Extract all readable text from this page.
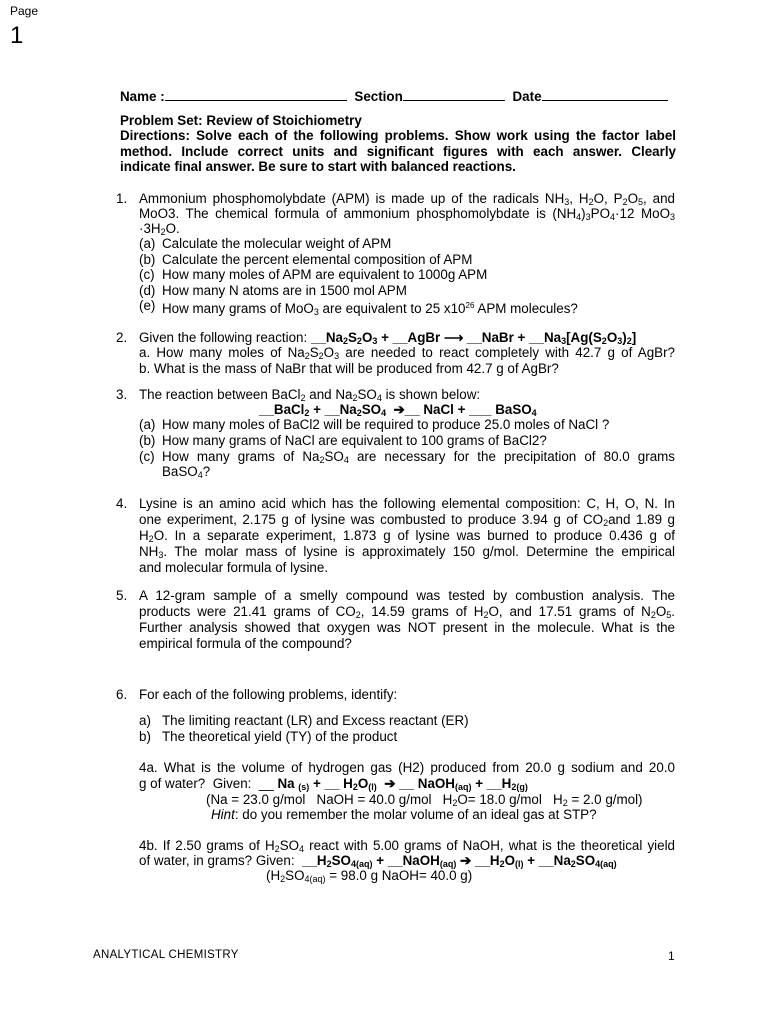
Page
1
Name :	Section	Date
Problem Set: Review of Stoichiometry
Directions: Solve each of the following problems. Show work using the factor label
method. Include correct units and significant figures with each answer. Clearly
indicate final answer. Be sure to start with balanced reactions.
1. Ammonium phosphomolybdate (APM) is made up of the radicals $NH_3$, $H_2O$, $P_2O_5$, and
MoO3. The chemical formula of ammonium phosphomolybdate is $(NH_4)_3PO_4\cdot 12$ MoO$_3$
$\cdot 3H_2O$.
(a) Calculate the molecular weight of APM
(b) Calculate the percent elemental composition of APM
(c) How many moles of APM are equivalent to 1000g APM
(d) How many N atoms are in 1500 mol APM
(e) How many grams of MoO$_3$ are equivalent to 25 $x10^{26}$ APM molecules?
2. Given the following reaction: $\_\_Na_2S_2O_3$ + __AgBr ⟶ __NaBr + $\_\_Na_3[Ag(S_2O_3)_2]$
a. How many moles of $Na_2S_2O_3$ are needed to react completely with 42.7 g of AgBr?
b. What is the mass of NaBr that will be produced from 42.7 g of AgBr?
3. The reaction between BaCl$_2$ and $Na_2SO_4$ is shown below:
__BaCl$_2$ + $\_\_Na_2SO_4$  ➔__ NaCl + ___ BaSO$_4$
(a) How many moles of BaCl2 will be required to produce 25.0 moles of NaCl ?
(b) How many grams of NaCl are equivalent to 100 grams of BaCl2?
(c) How many grams of $Na_2SO_4$ are necessary for the precipitation of 80.0 grams
BaSO$_4$?
4. Lysine is an amino acid which has the following elemental composition: C, H, O, N. In
one experiment, 2.175 g of lysine was combusted to produce 3.94 g of $CO_2and$ 1.89 g
$H_2O$. In a separate experiment, 1.873 g of lysine was burned to produce 0.436 g of
$NH_3$. The molar mass of lysine is approximately 150 g/mol. Determine the empirical
and molecular formula of lysine.
5. A 12-gram sample of a smelly compound was tested by combustion analysis. The
products were 21.41 grams of $CO_2$, 14.59 grams of $H_2O$, and 17.51 grams of $N_2O_5$.
Further analysis showed that oxygen was NOT present in the molecule. What is the
empirical formula of the compound?
6. For each of the following problems, identify:
a) The limiting reactant (LR) and Excess reactant (ER)
b) The theoretical yield (TY) of the product
4a. What is the volume of hydrogen gas (H2) produced from 20.0 g sodium and 20.0
g of water?  Given:  __ Na $_{(s)}$ + __ $H_2O_{(l)}$  ➔ __ NaOH$_{(aq)}$ + $\_\_H_{2(g)}$
(Na = 23.0 g/mol   NaOH = 40.0 g/mol   $H_2O= 18.0$ g/mol   $H_2 = 2.0$ g/mol)
Hint: do you remember the molar volume of an ideal gas at STP?
4b. If 2.50 grams of $H_2SO_4$ react with 5.00 grams of NaOH, what is the theoretical yield
of water, in grams? Given:  $\_\_H_2SO_{4(aq)}$ + __NaOH$_{(aq)}$ ➔ $\_\_H_2O_{(l)}$ + $\_\_Na_2SO_{4(aq)}$
($H_2SO_{4(aq)} = 98.0$ g NaOH= 40.0 g)
ANALYTICAL CHEMISTRY	1
